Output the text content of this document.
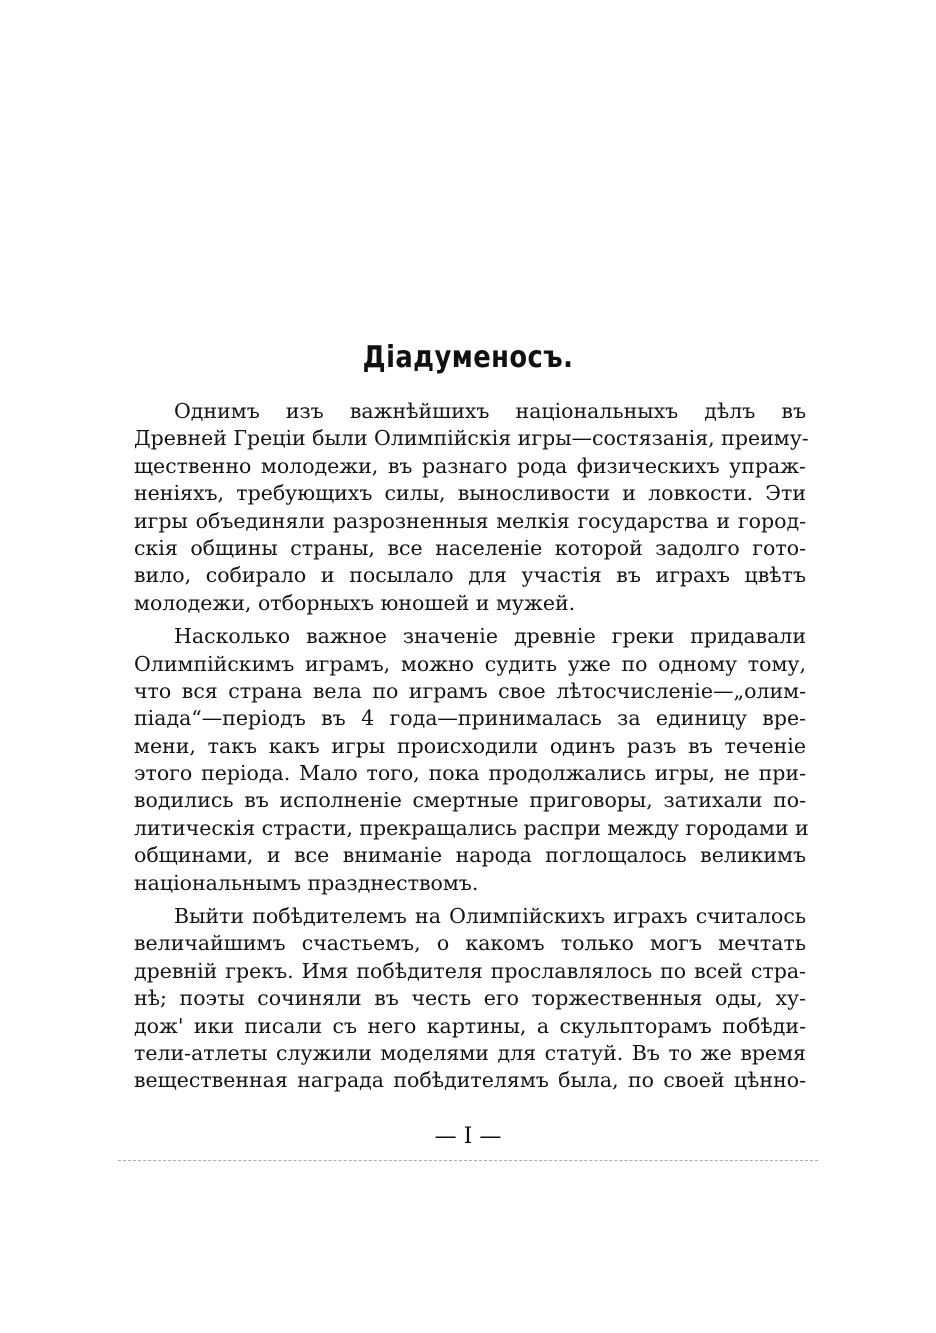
Діадуменосъ.
Однимъ изъ важнѣйшихъ національныхъ дѣлъ въ
Древней Греціи были Олимпійскія игры—состязанія, преиму-
щественно молодежи, въ разнаго рода физическихъ упраж-
неніяхъ, требующихъ силы, выносливости и ловкости. Эти
игры объединяли разрозненныя мелкія государства и город-
скія общины страны, все населеніе которой задолго гото-
вило, собирало и посылало для участія въ играхъ цвѣтъ
молодежи, отборныхъ юношей и мужей.
Насколько важное значеніе древніе греки придавали
Олимпійскимъ играмъ, можно судить уже по одному тому,
что вся страна вела по играмъ свое лѣтосчисленіе—„олим-
піада“—періодъ въ 4 года—принималась за единицу вре-
мени, такъ какъ игры происходили одинъ разъ въ теченіе
этого періода. Мало того, пока продолжались игры, не при-
водились въ исполненіе смертные приговоры, затихали по-
литическія страсти, прекращались распри между городами и
общинами, и все вниманіе народа поглощалось великимъ
національнымъ празднествомъ.
Выйти побѣдителемъ на Олимпійскихъ играхъ считалось
величайшимъ счастьемъ, о какомъ только могъ мечтать
древній грекъ. Имя побѣдителя прославлялось по всей стра-
нѣ; поэты сочиняли въ честь его торжественныя оды, ху-
дож' ики писали съ него картины, а скульпторамъ побѣди-
тели-атлеты служили моделями для статуй. Въ то же время
вещественная награда побѣдителямъ была, по своей цѣнно-
— I —
